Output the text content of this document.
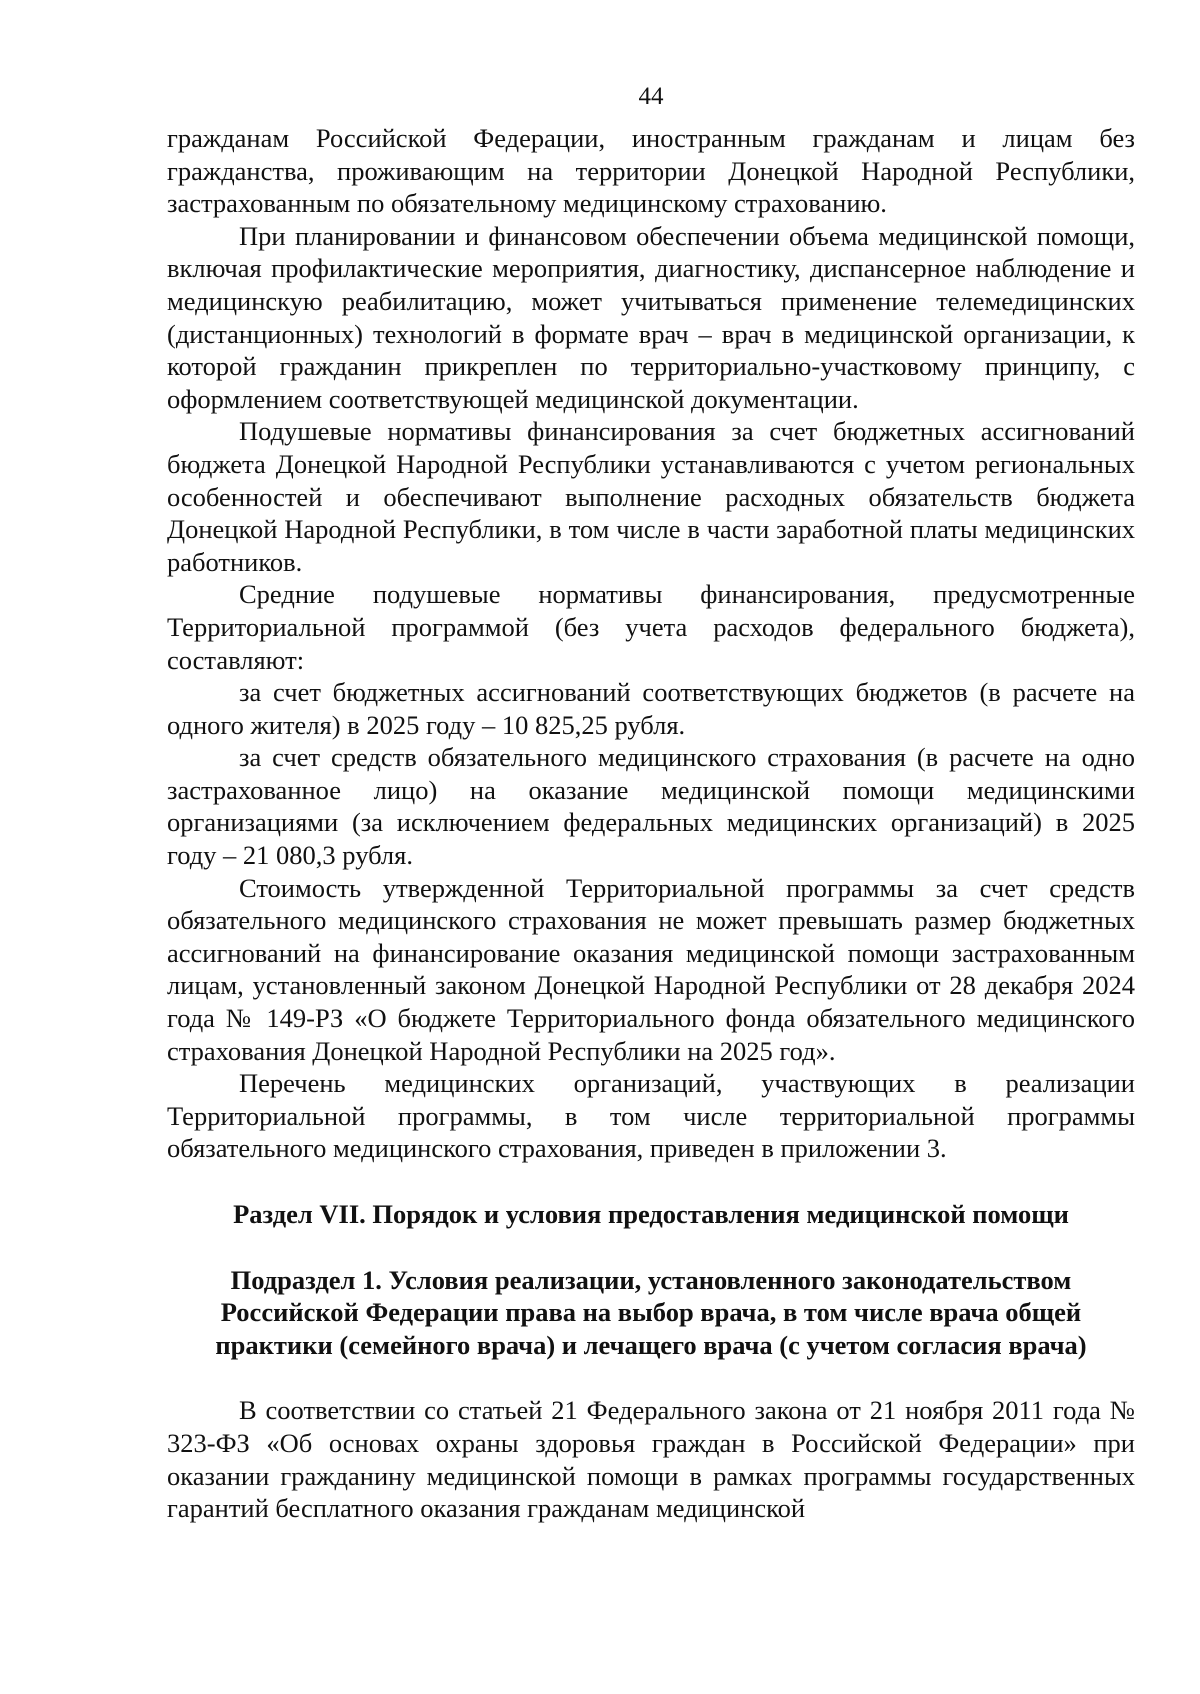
44

гражданам Российской Федерации, иностранным гражданам и лицам без гражданства, проживающим на территории Донецкой Народной Республики, застрахованным по обязательному медицинскому страхованию.

При планировании и финансовом обеспечении объема медицинской помощи, включая профилактические мероприятия, диагностику, диспансерное наблюдение и медицинскую реабилитацию, может учитываться применение телемедицинских (дистанционных) технологий в формате врач – врач в медицинской организации, к которой гражданин прикреплен по территориально-участковому принципу, с оформлением соответствующей медицинской документации.

Подушевые нормативы финансирования за счет бюджетных ассигнований бюджета Донецкой Народной Республики устанавливаются с учетом региональных особенностей и обеспечивают выполнение расходных обязательств бюджета Донецкой Народной Республики, в том числе в части заработной платы медицинских работников.

Средние подушевые нормативы финансирования, предусмотренные Территориальной программой (без учета расходов федерального бюджета), составляют:

за счет бюджетных ассигнований соответствующих бюджетов (в расчете на одного жителя) в 2025 году – 10 825,25 рубля.

за счет средств обязательного медицинского страхования (в расчете на одно застрахованное лицо) на оказание медицинской помощи медицинскими организациями (за исключением федеральных медицинских организаций) в 2025 году – 21 080,3 рубля.

Стоимость утвержденной Территориальной программы за счет средств обязательного медицинского страхования не может превышать размер бюджетных ассигнований на финансирование оказания медицинской помощи застрахованным лицам, установленный законом Донецкой Народной Республики от 28 декабря 2024 года № 149-РЗ «О бюджете Территориального фонда обязательного медицинского страхования Донецкой Народной Республики на 2025 год».

Перечень медицинских организаций, участвующих в реализации Территориальной программы, в том числе территориальной программы обязательного медицинского страхования, приведен в приложении 3.

Раздел VII. Порядок и условия предоставления медицинской помощи
Подраздел 1. Условия реализации, установленного законодательством
Российской Федерации права на выбор врача, в том числе врача общей
практики (семейного врача) и лечащего врача (с учетом согласия врача)

В соответствии со статьей 21 Федерального закона от 21 ноября 2011 года № 323-ФЗ «Об основах охраны здоровья граждан в Российской Федерации» при оказании гражданину медицинской помощи в рамках программы государственных гарантий бесплатного оказания гражданам медицинской
